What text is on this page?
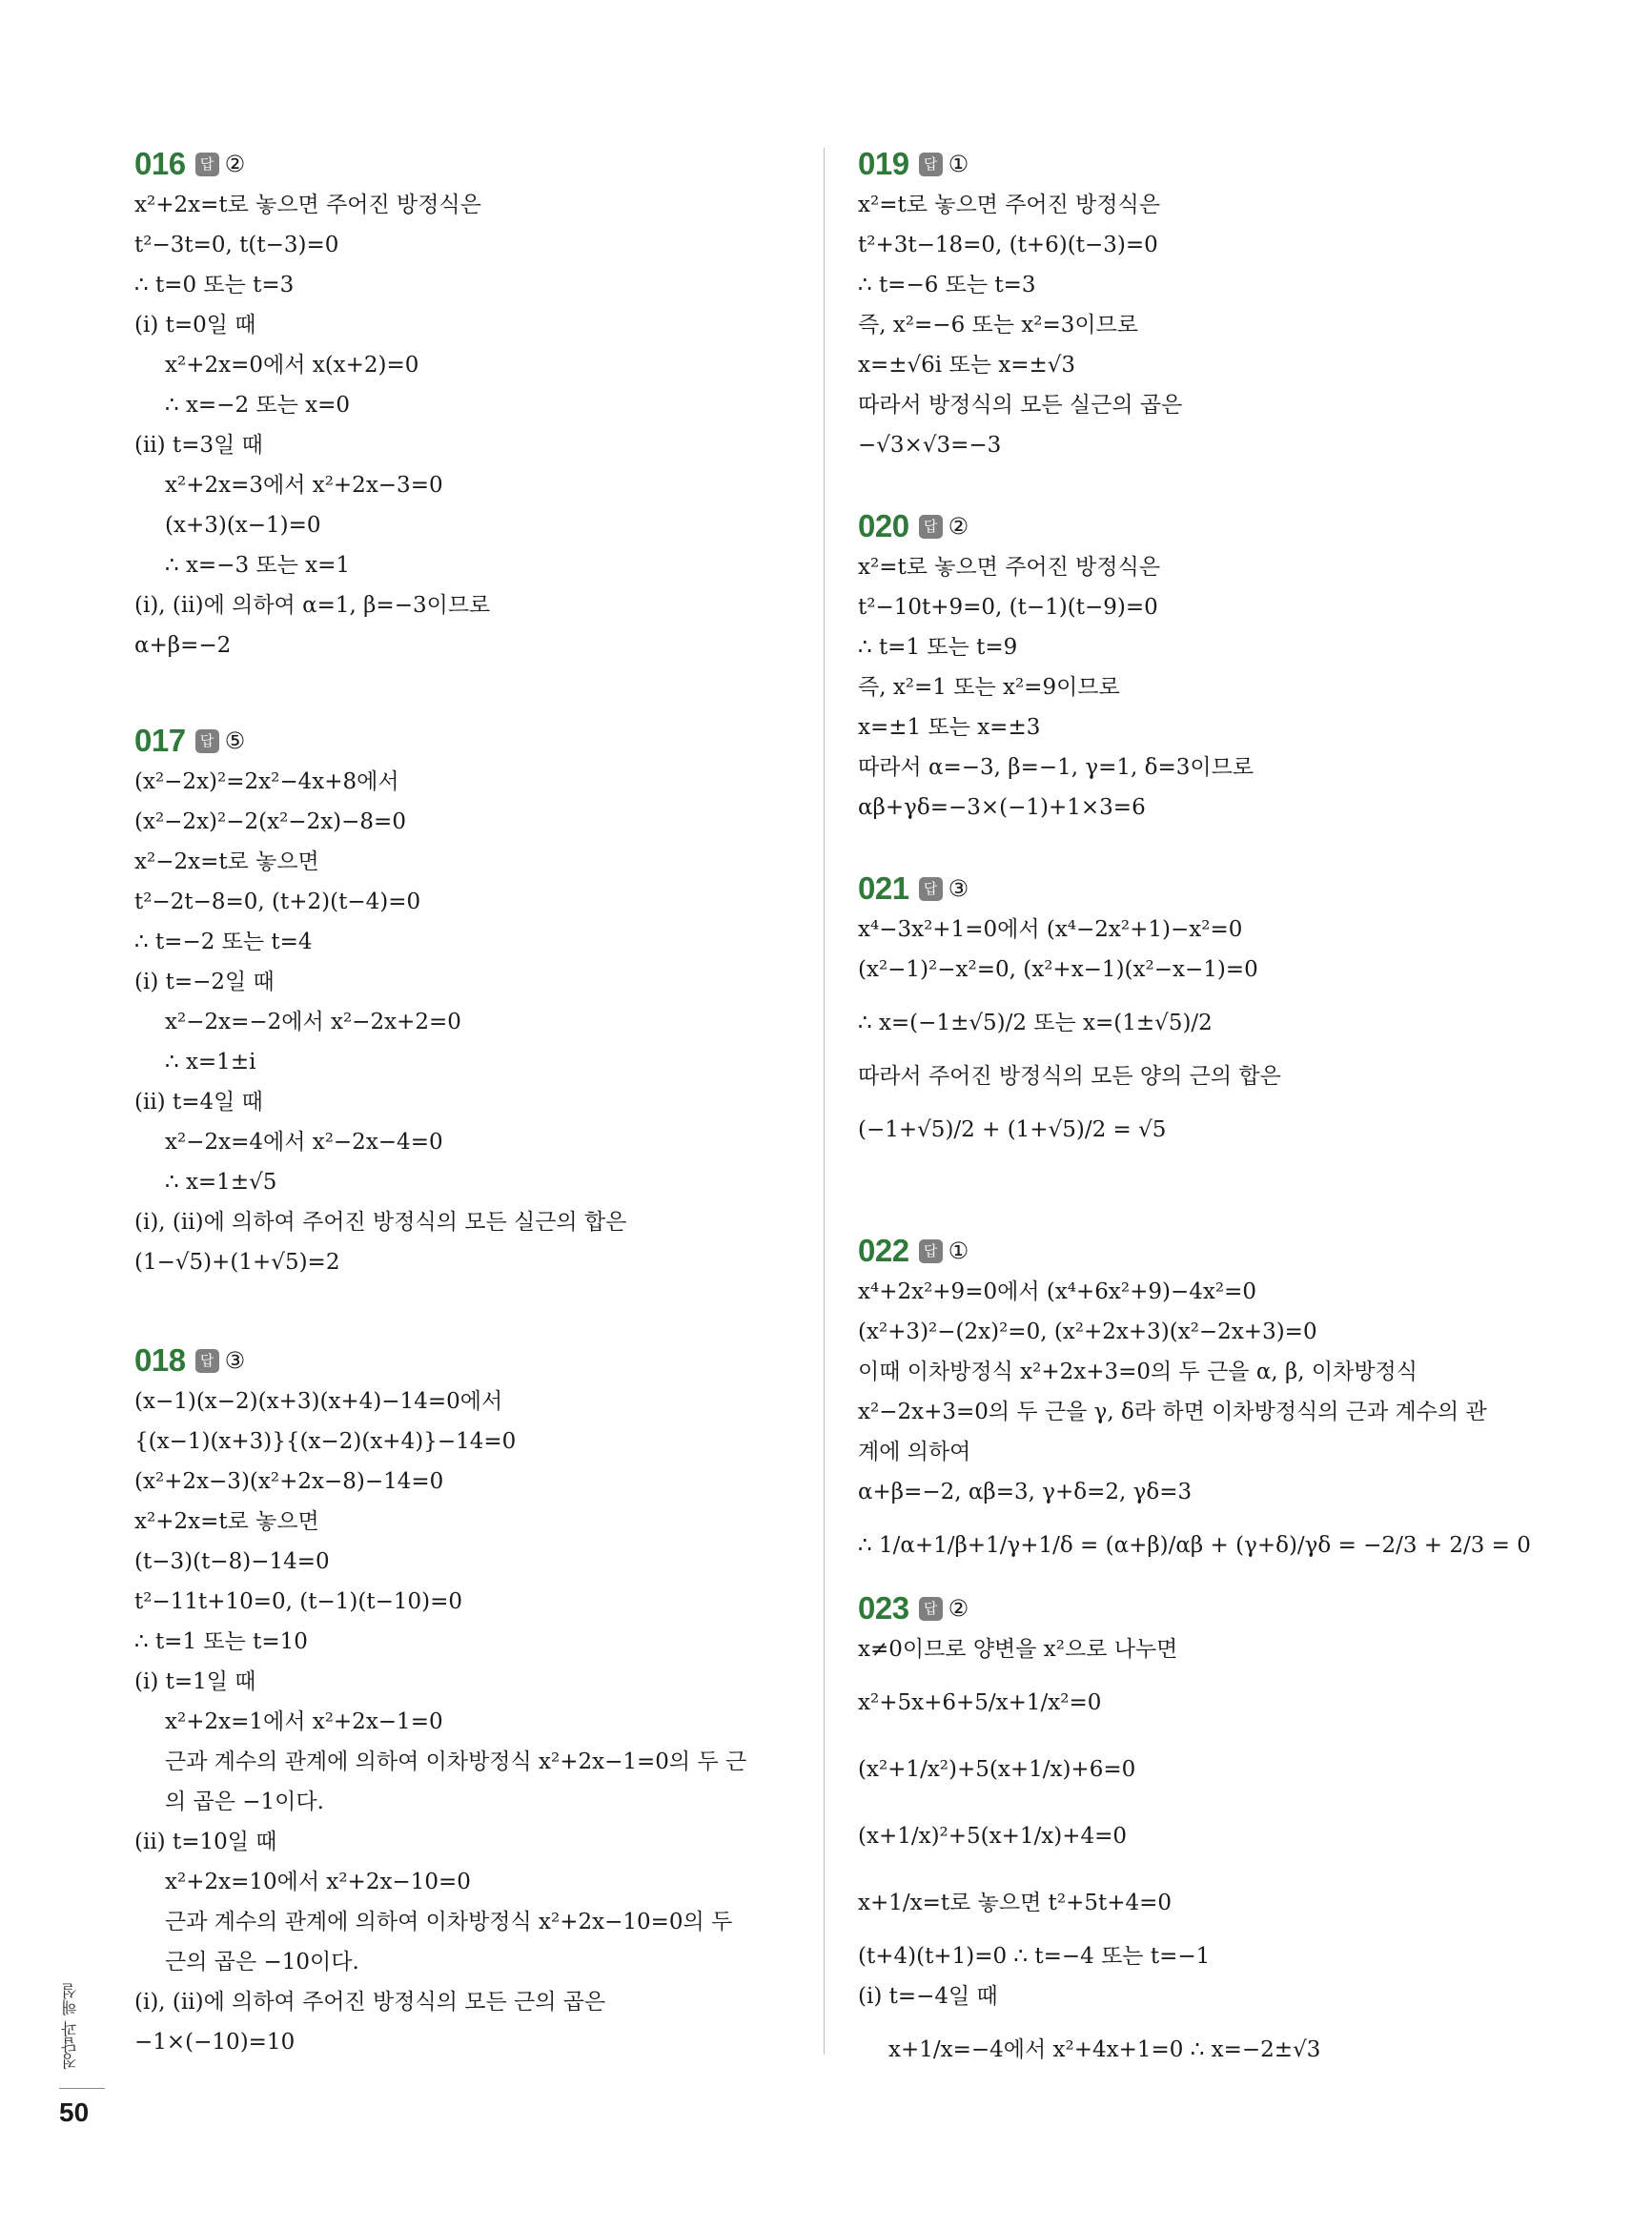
016	답 ②
x²+2x=t로 놓으면 주어진 방정식은
t²−3t=0, t(t−3)=0
∴ t=0 또는 t=3
(ⅰ) t=0일 때
x²+2x=0에서 x(x+2)=0
∴ x=−2 또는 x=0
(ⅱ) t=3일 때
x²+2x=3에서 x²+2x−3=0
(x+3)(x−1)=0
∴ x=−3 또는 x=1
(ⅰ), (ⅱ)에 의하여 α=1, β=−3이므로
α+β=−2
017	답 ⑤
(x²−2x)²=2x²−4x+8에서
(x²−2x)²−2(x²−2x)−8=0
x²−2x=t로 놓으면
t²−2t−8=0, (t+2)(t−4)=0
∴ t=−2 또는 t=4
(ⅰ) t=−2일 때
x²−2x=−2에서 x²−2x+2=0
∴ x=1±i
(ⅱ) t=4일 때
x²−2x=4에서 x²−2x−4=0
∴ x=1±√5
(ⅰ), (ⅱ)에 의하여 주어진 방정식의 모든 실근의 합은
(1−√5)+(1+√5)=2
018	답 ③
(x−1)(x−2)(x+3)(x+4)−14=0에서
{(x−1)(x+3)}{(x−2)(x+4)}−14=0
(x²+2x−3)(x²+2x−8)−14=0
x²+2x=t로 놓으면
(t−3)(t−8)−14=0
t²−11t+10=0, (t−1)(t−10)=0
∴ t=1 또는 t=10
(ⅰ) t=1일 때
x²+2x=1에서 x²+2x−1=0
근과 계수의 관계에 의하여 이차방정식 x²+2x−1=0의 두 근
의 곱은 −1이다.
(ⅱ) t=10일 때
x²+2x=10에서 x²+2x−10=0
근과 계수의 관계에 의하여 이차방정식 x²+2x−10=0의 두
근의 곱은 −10이다.
(ⅰ), (ⅱ)에 의하여 주어진 방정식의 모든 근의 곱은
−1×(−10)=10
019	답 ①
x²=t로 놓으면 주어진 방정식은
t²+3t−18=0, (t+6)(t−3)=0
∴ t=−6 또는 t=3
즉, x²=−6 또는 x²=3이므로
x=±√6i 또는 x=±√3
따라서 방정식의 모든 실근의 곱은
−√3×√3=−3
020	답 ②
x²=t로 놓으면 주어진 방정식은
t²−10t+9=0, (t−1)(t−9)=0
∴ t=1 또는 t=9
즉, x²=1 또는 x²=9이므로
x=±1 또는 x=±3
따라서 α=−3, β=−1, γ=1, δ=3이므로
αβ+γδ=−3×(−1)+1×3=6
021	답 ③
x⁴−3x²+1=0에서 (x⁴−2x²+1)−x²=0
(x²−1)²−x²=0, (x²+x−1)(x²−x−1)=0
∴ x=(−1±√5)/2 또는 x=(1±√5)/2
따라서 주어진 방정식의 모든 양의 근의 합은
(−1+√5)/2 + (1+√5)/2 = √5
022	답 ①
x⁴+2x²+9=0에서 (x⁴+6x²+9)−4x²=0
(x²+3)²−(2x)²=0, (x²+2x+3)(x²−2x+3)=0
이때 이차방정식 x²+2x+3=0의 두 근을 α, β, 이차방정식
x²−2x+3=0의 두 근을 γ, δ라 하면 이차방정식의 근과 계수의 관
계에 의하여
α+β=−2, αβ=3, γ+δ=2, γδ=3
∴ 1/α+1/β+1/γ+1/δ = (α+β)/αβ + (γ+δ)/γδ = −2/3 + 2/3 = 0
023	답 ②
x≠0이므로 양변을 x²으로 나누면
x²+5x+6+5/x+1/x²=0
(x²+1/x²)+5(x+1/x)+6=0
(x+1/x)²+5(x+1/x)+4=0
x+1/x=t로 놓으면 t²+5t+4=0
(t+4)(t+1)=0 ∴ t=−4 또는 t=−1
(ⅰ) t=−4일 때
x+1/x=−4에서 x²+4x+1=0 ∴ x=−2±√3
정답과 해설
50
